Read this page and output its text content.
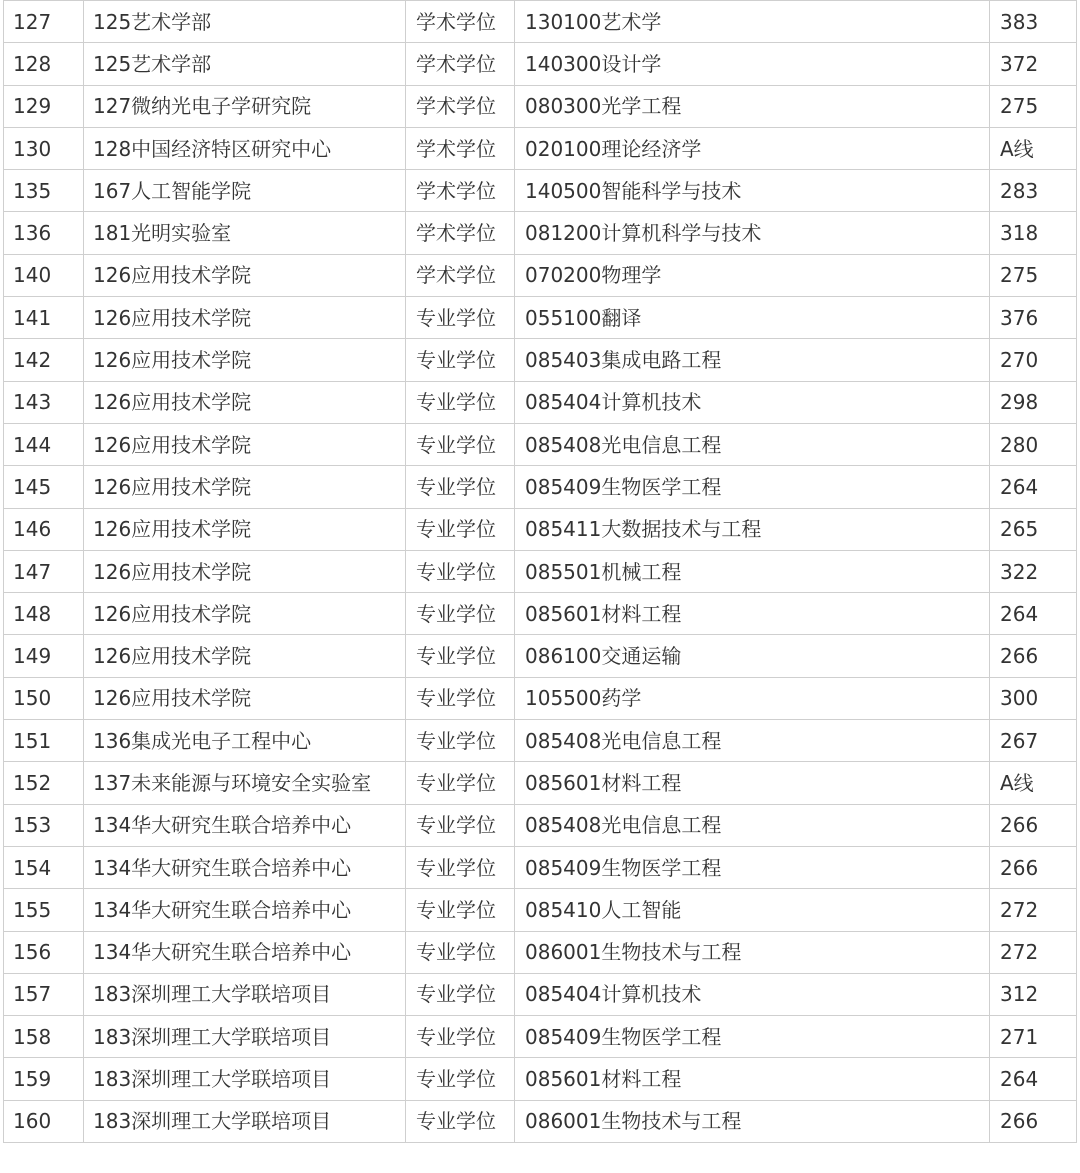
127	125艺术学部	学术学位	130100艺术学	383
128	125艺术学部	学术学位	140300设计学	372
129	127微纳光电子学研究院	学术学位	080300光学工程	275
130	128中国经济特区研究中心	学术学位	020100理论经济学	A线
135	167人工智能学院	学术学位	140500智能科学与技术	283
136	181光明实验室	学术学位	081200计算机科学与技术	318
140	126应用技术学院	学术学位	070200物理学	275
141	126应用技术学院	专业学位	055100翻译	376
142	126应用技术学院	专业学位	085403集成电路工程	270
143	126应用技术学院	专业学位	085404计算机技术	298
144	126应用技术学院	专业学位	085408光电信息工程	280
145	126应用技术学院	专业学位	085409生物医学工程	264
146	126应用技术学院	专业学位	085411大数据技术与工程	265
147	126应用技术学院	专业学位	085501机械工程	322
148	126应用技术学院	专业学位	085601材料工程	264
149	126应用技术学院	专业学位	086100交通运输	266
150	126应用技术学院	专业学位	105500药学	300
151	136集成光电子工程中心	专业学位	085408光电信息工程	267
152	137未来能源与环境安全实验室	专业学位	085601材料工程	A线
153	134华大研究生联合培养中心	专业学位	085408光电信息工程	266
154	134华大研究生联合培养中心	专业学位	085409生物医学工程	266
155	134华大研究生联合培养中心	专业学位	085410人工智能	272
156	134华大研究生联合培养中心	专业学位	086001生物技术与工程	272
157	183深圳理工大学联培项目	专业学位	085404计算机技术	312
158	183深圳理工大学联培项目	专业学位	085409生物医学工程	271
159	183深圳理工大学联培项目	专业学位	085601材料工程	264
160	183深圳理工大学联培项目	专业学位	086001生物技术与工程	266
